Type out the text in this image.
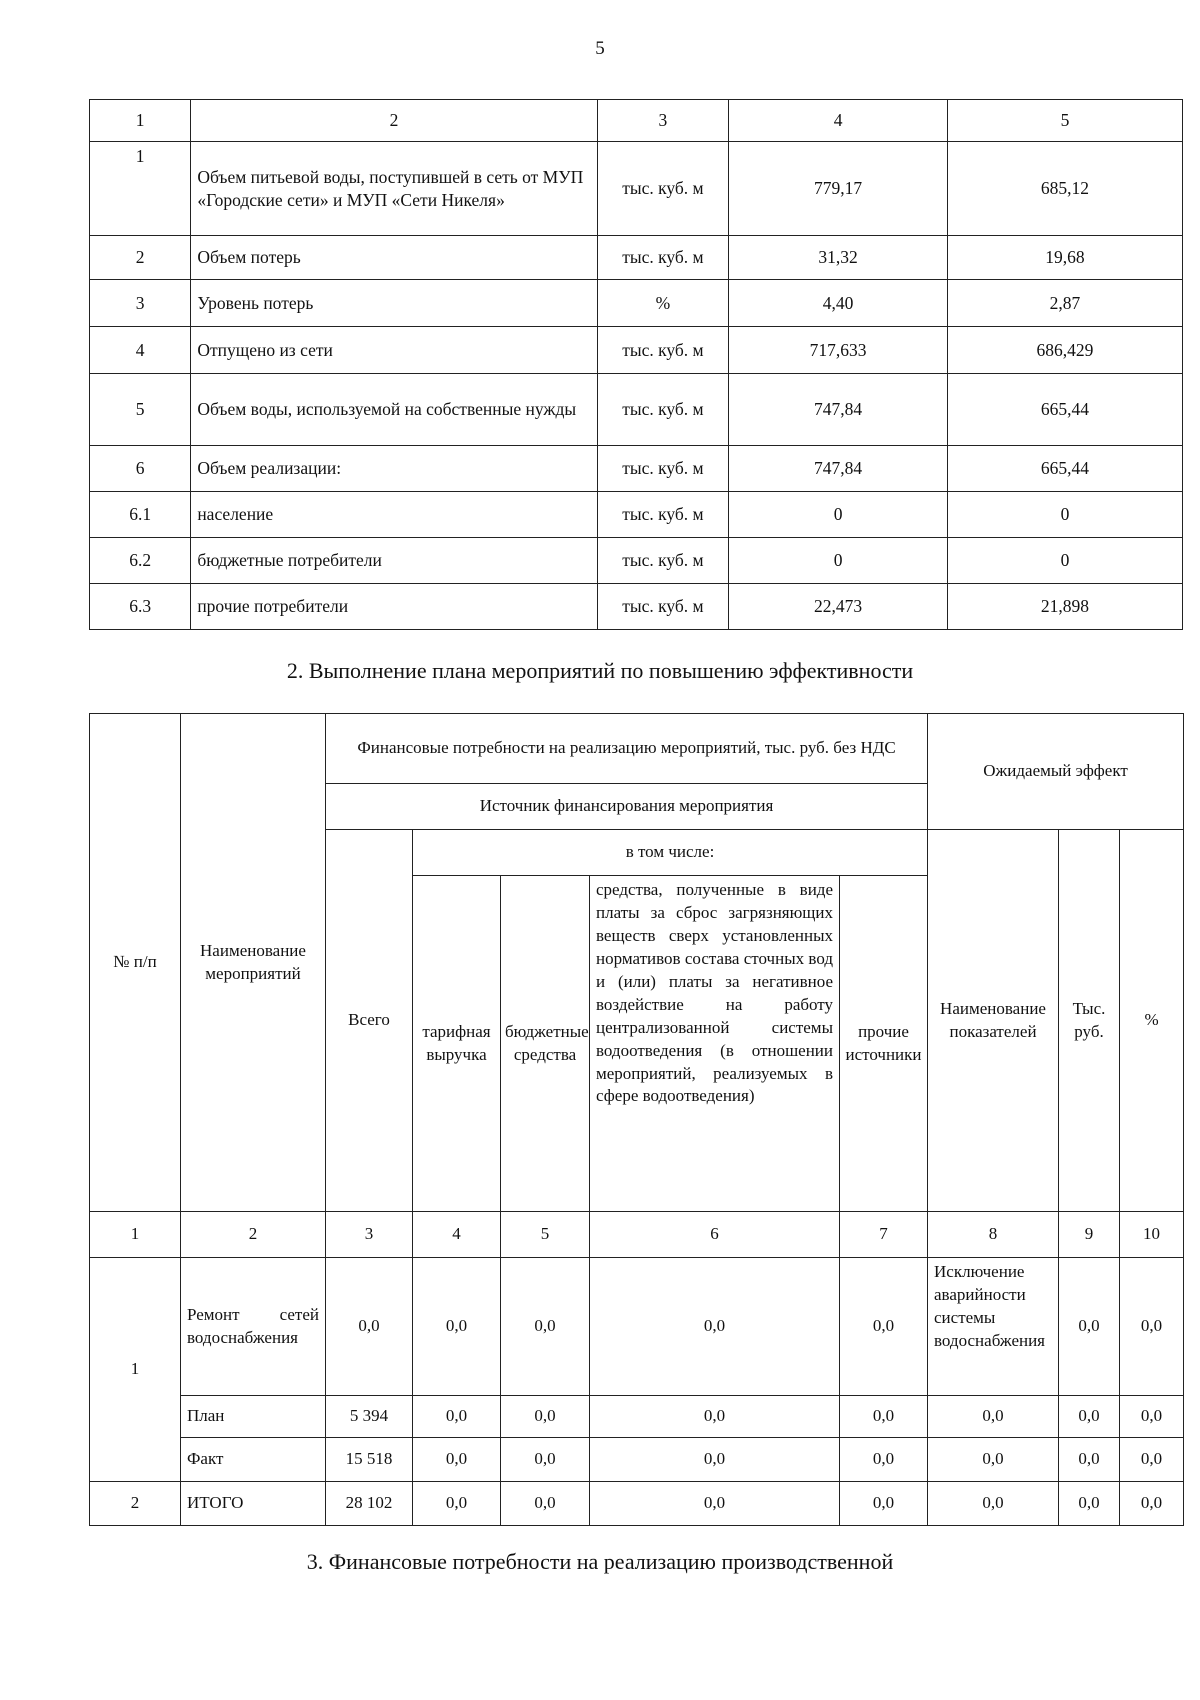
5
1	2	3	4	5
1	Объем питьевой воды, поступившей в сеть от МУП «Городские сети» и МУП «Сети Никеля»	тыс. куб. м	779,17	685,12
2	Объем потерь	тыс. куб. м	31,32	19,68
3	Уровень потерь	%	4,40	2,87
4	Отпущено из сети	тыс. куб. м	717,633	686,429
5	Объем воды, используемой на собственные нужды	тыс. куб. м	747,84	665,44
6	Объем реализации:	тыс. куб. м	747,84	665,44
6.1	население	тыс. куб. м	0	0
6.2	бюджетные потребители	тыс. куб. м	0	0
6.3	прочие потребители	тыс. куб. м	22,473	21,898
2. Выполнение плана мероприятий по повышению эффективности
№ п/п	Наименование мероприятий	Финансовые потребности на реализацию мероприятий, тыс. руб. без НДС					Ожидаемый эффект		
		Источник финансирования мероприятия							
		Всего	в том числе:				Наименование показателей	Тыс. руб.	%
			тарифная выручка	бюджетные средства	средства, полученные в виде платы за сброс загрязняющих веществ сверх установленных нормативов состава сточных вод и (или) платы за негативное воздействие на работу централизованной системы водоотведения (в отношении мероприятий, реализуемых в сфере водоотведения)	прочие источники			
1	2	3	4	5	6	7	8	9	10
1	Ремонт сетей водоснабжения	0,0	0,0	0,0	0,0	0,0	Исключение аварийности системы водоснабжения	0,0	0,0
	План	5 394	0,0	0,0	0,0	0,0	0,0	0,0	0,0
	Факт	15 518	0,0	0,0	0,0	0,0	0,0	0,0	0,0
2	ИТОГО	28 102	0,0	0,0	0,0	0,0	0,0	0,0	0,0
3. Финансовые потребности на реализацию производственной
